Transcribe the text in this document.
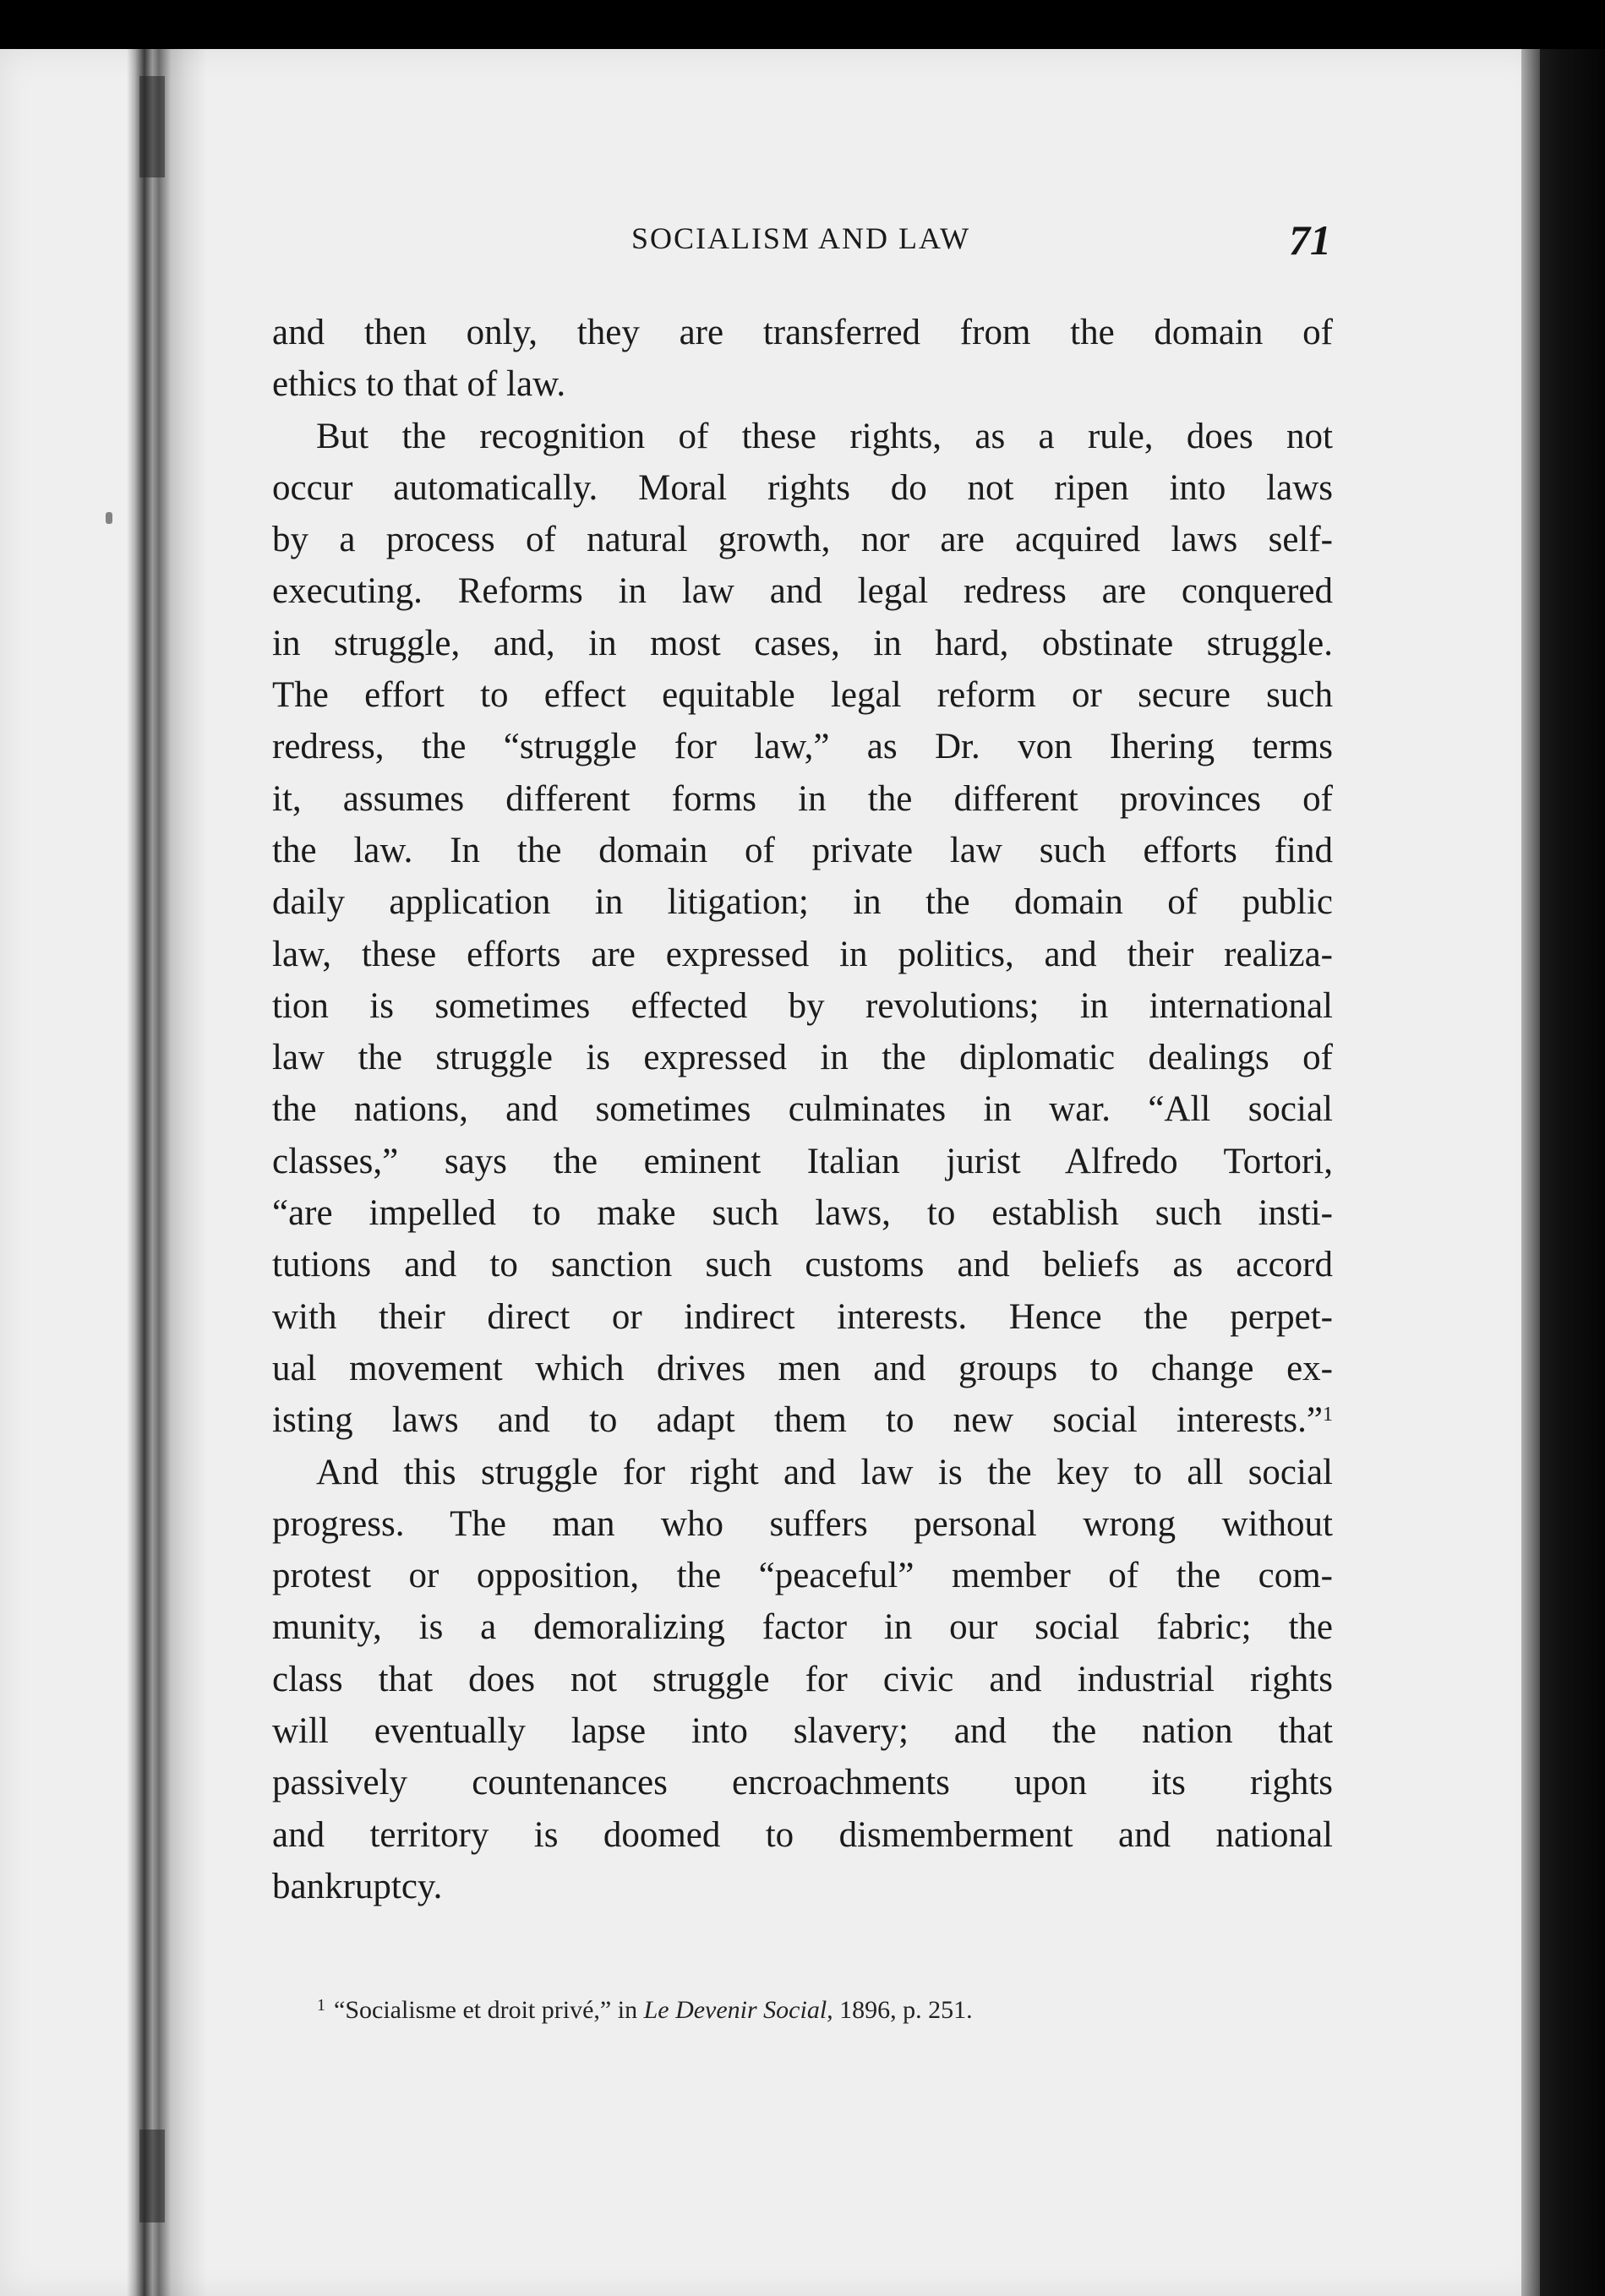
SOCIALISM AND LAW	71

and then only, they are transferred from the domain of
ethics to that of law.

But the recognition of these rights, as a rule, does not
occur automatically. Moral rights do not ripen into laws
by a process of natural growth, nor are acquired laws self-
executing. Reforms in law and legal redress are conquered
in struggle, and, in most cases, in hard, obstinate struggle.
The effort to effect equitable legal reform or secure such
redress, the “struggle for law,” as Dr. von Ihering terms
it, assumes different forms in the different provinces of
the law. In the domain of private law such efforts find
daily application in litigation; in the domain of public
law, these efforts are expressed in politics, and their realiza-
tion is sometimes effected by revolutions; in international
law the struggle is expressed in the diplomatic dealings of
the nations, and sometimes culminates in war. “All social
classes,” says the eminent Italian jurist Alfredo Tortori,
“are impelled to make such laws, to establish such insti-
tutions and to sanction such customs and beliefs as accord
with their direct or indirect interests. Hence the perpet-
ual movement which drives men and groups to change ex-
isting laws and to adapt them to new social interests.”$^1$

And this struggle for right and law is the key to all social
progress. The man who suffers personal wrong without
protest or opposition, the “peaceful” member of the com-
munity, is a demoralizing factor in our social fabric; the
class that does not struggle for civic and industrial rights
will eventually lapse into slavery; and the nation that
passively countenances encroachments upon its rights
and territory is doomed to dismemberment and national
bankruptcy.

$^1$ “Socialisme et droit privé,” in Le Devenir Social, 1896, p. 251.
